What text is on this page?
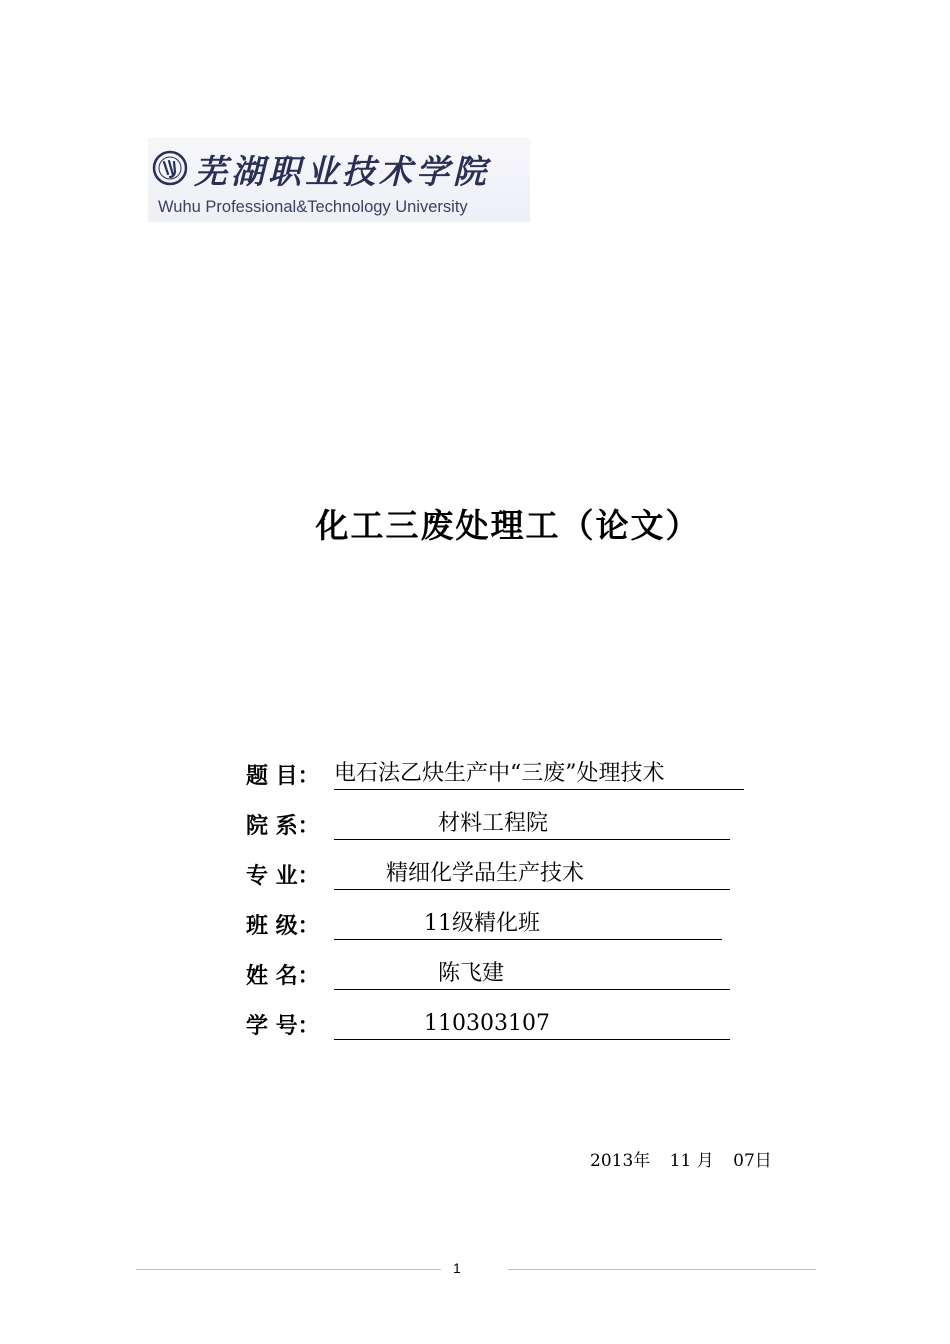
芜湖职业技术学院
Wuhu Professional&Technology University
化工三废处理工（论文）
题 目： 电石法乙炔生产中“三废”处理技术
院 系：	材料工程院
专 业：	精细化学品生产技术
班 级：	11级精化班
姓 名：	陈飞建
学 号：	110303107
2013年 11 月 07日
1
